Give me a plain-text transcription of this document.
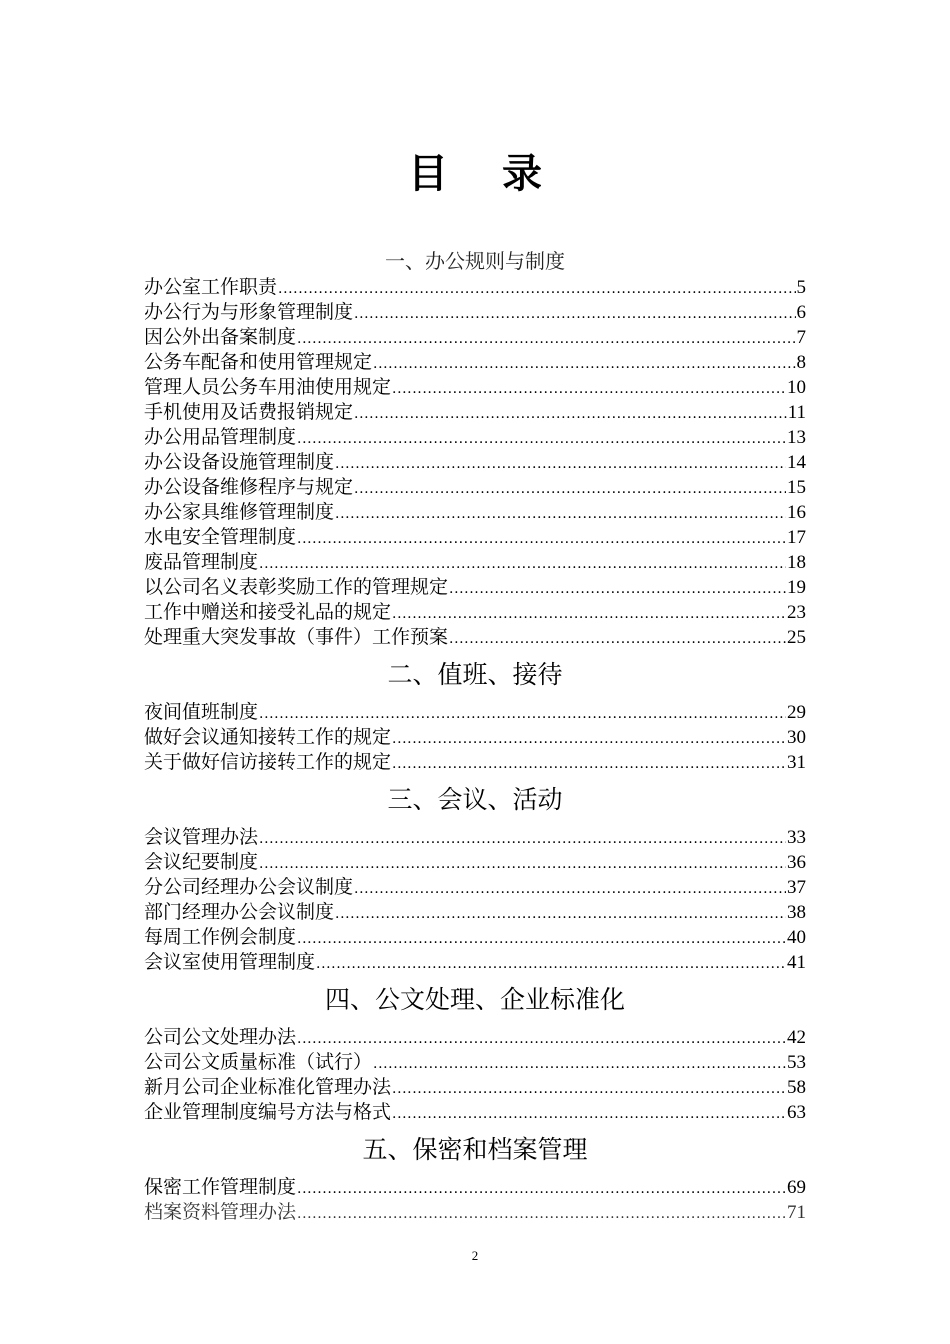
目 录
一、办公规则与制度
办公室工作职责 .....	5
办公行为与形象管理制度 .....	6
因公外出备案制度 .....	7
公务车配备和使用管理规定 .....	8
管理人员公务车用油使用规定 .....	10
手机使用及话费报销规定 .....	11
办公用品管理制度 .....	13
办公设备设施管理制度 .....	14
办公设备维修程序与规定 .....	15
办公家具维修管理制度 .....	16
水电安全管理制度 .....	17
废品管理制度 .....	18
以公司名义表彰奖励工作的管理规定 .....	19
工作中赠送和接受礼品的规定 .....	23
处理重大突发事故（事件）工作预案 .....	25
二、值班、接待
夜间值班制度 .....	29
做好会议通知接转工作的规定 .....	30
关于做好信访接转工作的规定 .....	31
三、会议、活动
会议管理办法 .....	33
会议纪要制度 .....	36
分公司经理办公会议制度 .....	37
部门经理办公会议制度 .....	38
每周工作例会制度 .....	40
会议室使用管理制度 .....	41
四、公文处理、企业标准化
公司公文处理办法 .....	42
公司公文质量标准（试行） .....	53
新月公司企业标准化管理办法 .....	58
企业管理制度编号方法与格式 .....	63
五、保密和档案管理
保密工作管理制度 .....	69
档案资料管理办法 .....	71
2
